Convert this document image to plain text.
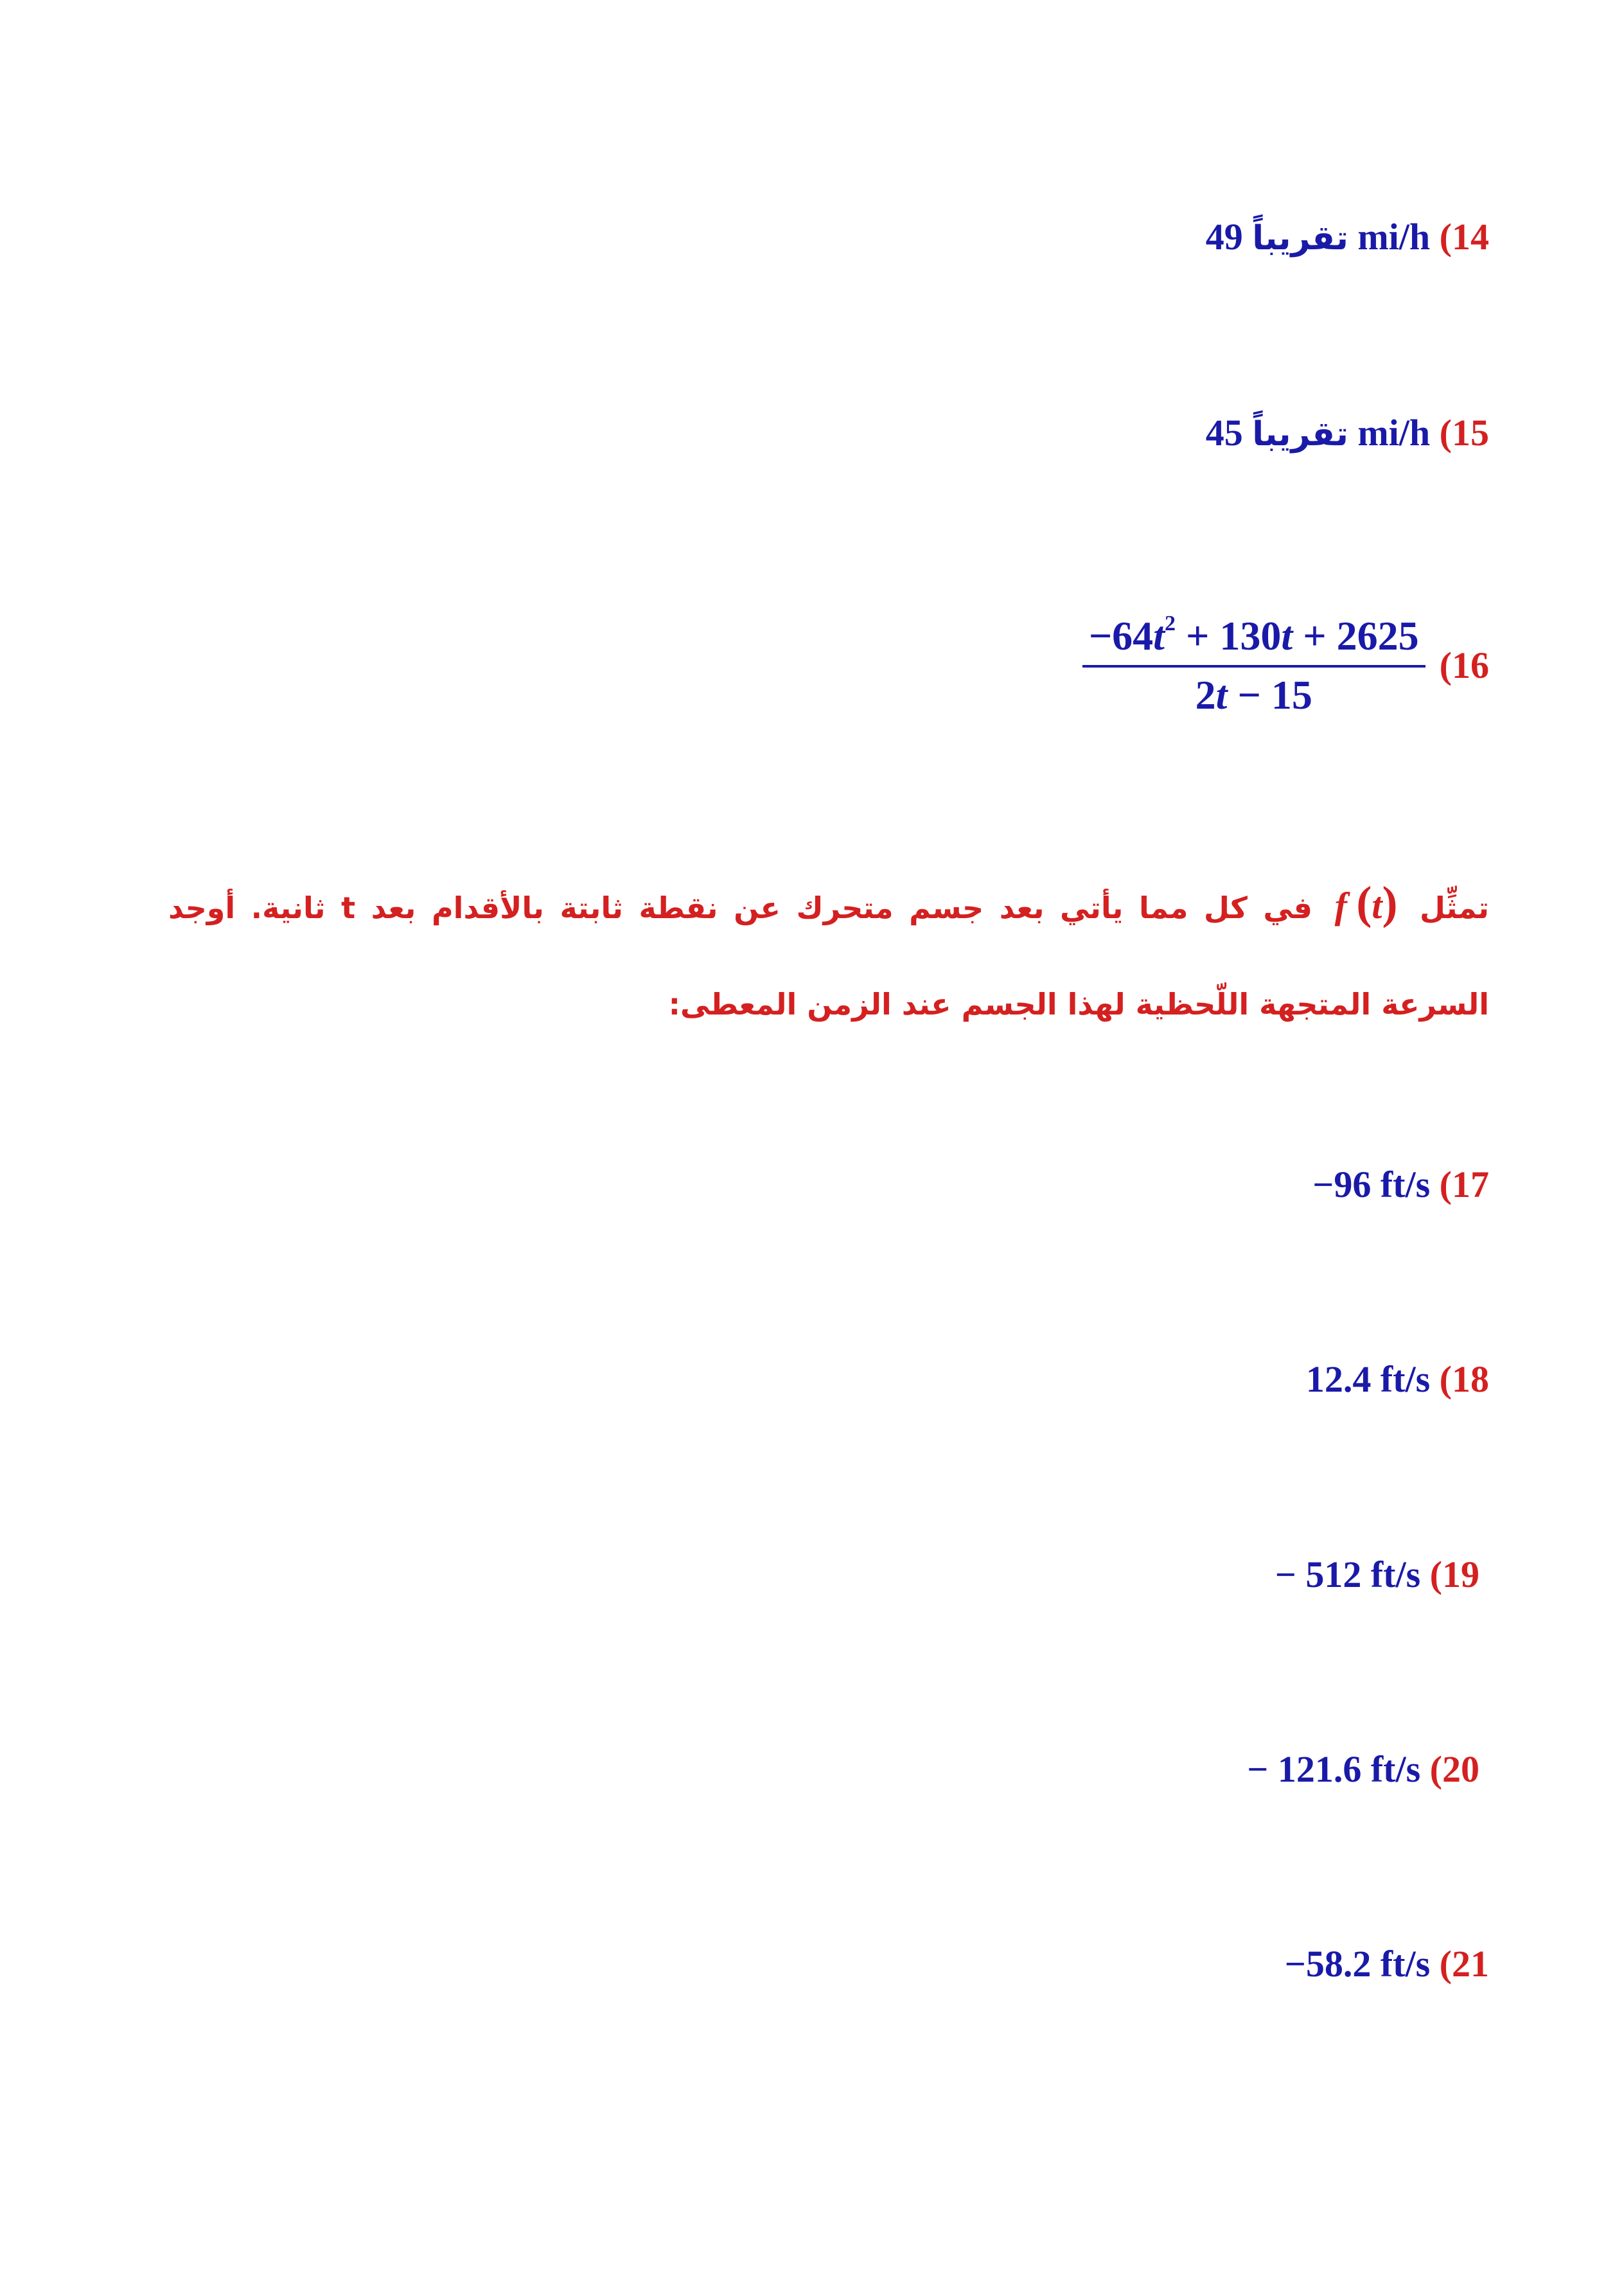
تقريباً 49 mi/h (14
تقريباً 45 mi/h (15
$\frac{-64t^2 + 130t + 2625}{2t - 15} (16$
تمثِّل f (t) في كل مما يأتي بعد جسم متحرك عن نقطة ثابتة بالأقدام بعد t ثانية. أوجد السرعة المتجهة اللّحظية لهذا الجسم عند الزمن المعطى:
−96 ft/s (17
12.4 ft/s (18
− 512 ft/s (19
− 121.6 ft/s (20
−58.2 ft/s (21
